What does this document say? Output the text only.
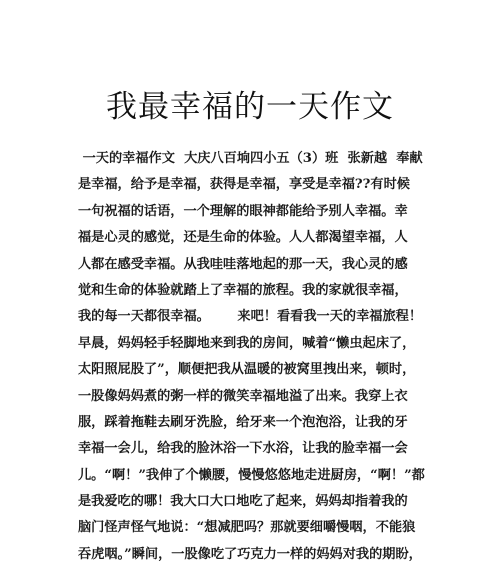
我最幸福的一天作文
一天的幸福作文  大庆八百垧四小五（3）班  张新越  奉献
是幸福，给予是幸福，获得是幸福，享受是幸福??有时候
一句祝福的话语，一个理解的眼神都能给予别人幸福。幸
福是心灵的感觉，还是生命的体验。人人都渴望幸福，人
人都在感受幸福。从我哇哇落地起的那一天，我心灵的感
觉和生命的体验就踏上了幸福的旅程。我的家就很幸福，
我的每一天都很幸福。      来吧！看看我一天的幸福旅程！
早晨，妈妈轻手轻脚地来到我的房间，喊着“懒虫起床了，
太阳照屁股了”，顺便把我从温暖的被窝里拽出来，顿时，
一股像妈妈煮的粥一样的微笑幸福地溢了出来。我穿上衣
服，踩着拖鞋去刷牙洗脸，给牙来一个泡泡浴，让我的牙
幸福一会儿，给我的脸沐浴一下水浴，让我的脸幸福一会
儿。“啊！”我伸了个懒腰，慢慢悠悠地走进厨房，“啊！”都
是我爱吃的哪！我大口大口地吃了起来，妈妈却指着我的
脑门怪声怪气地说：“想减肥吗？那就要细嚼慢咽，不能狼
吞虎咽。”瞬间，一股像吃了巧克力一样的妈妈对我的期盼，
